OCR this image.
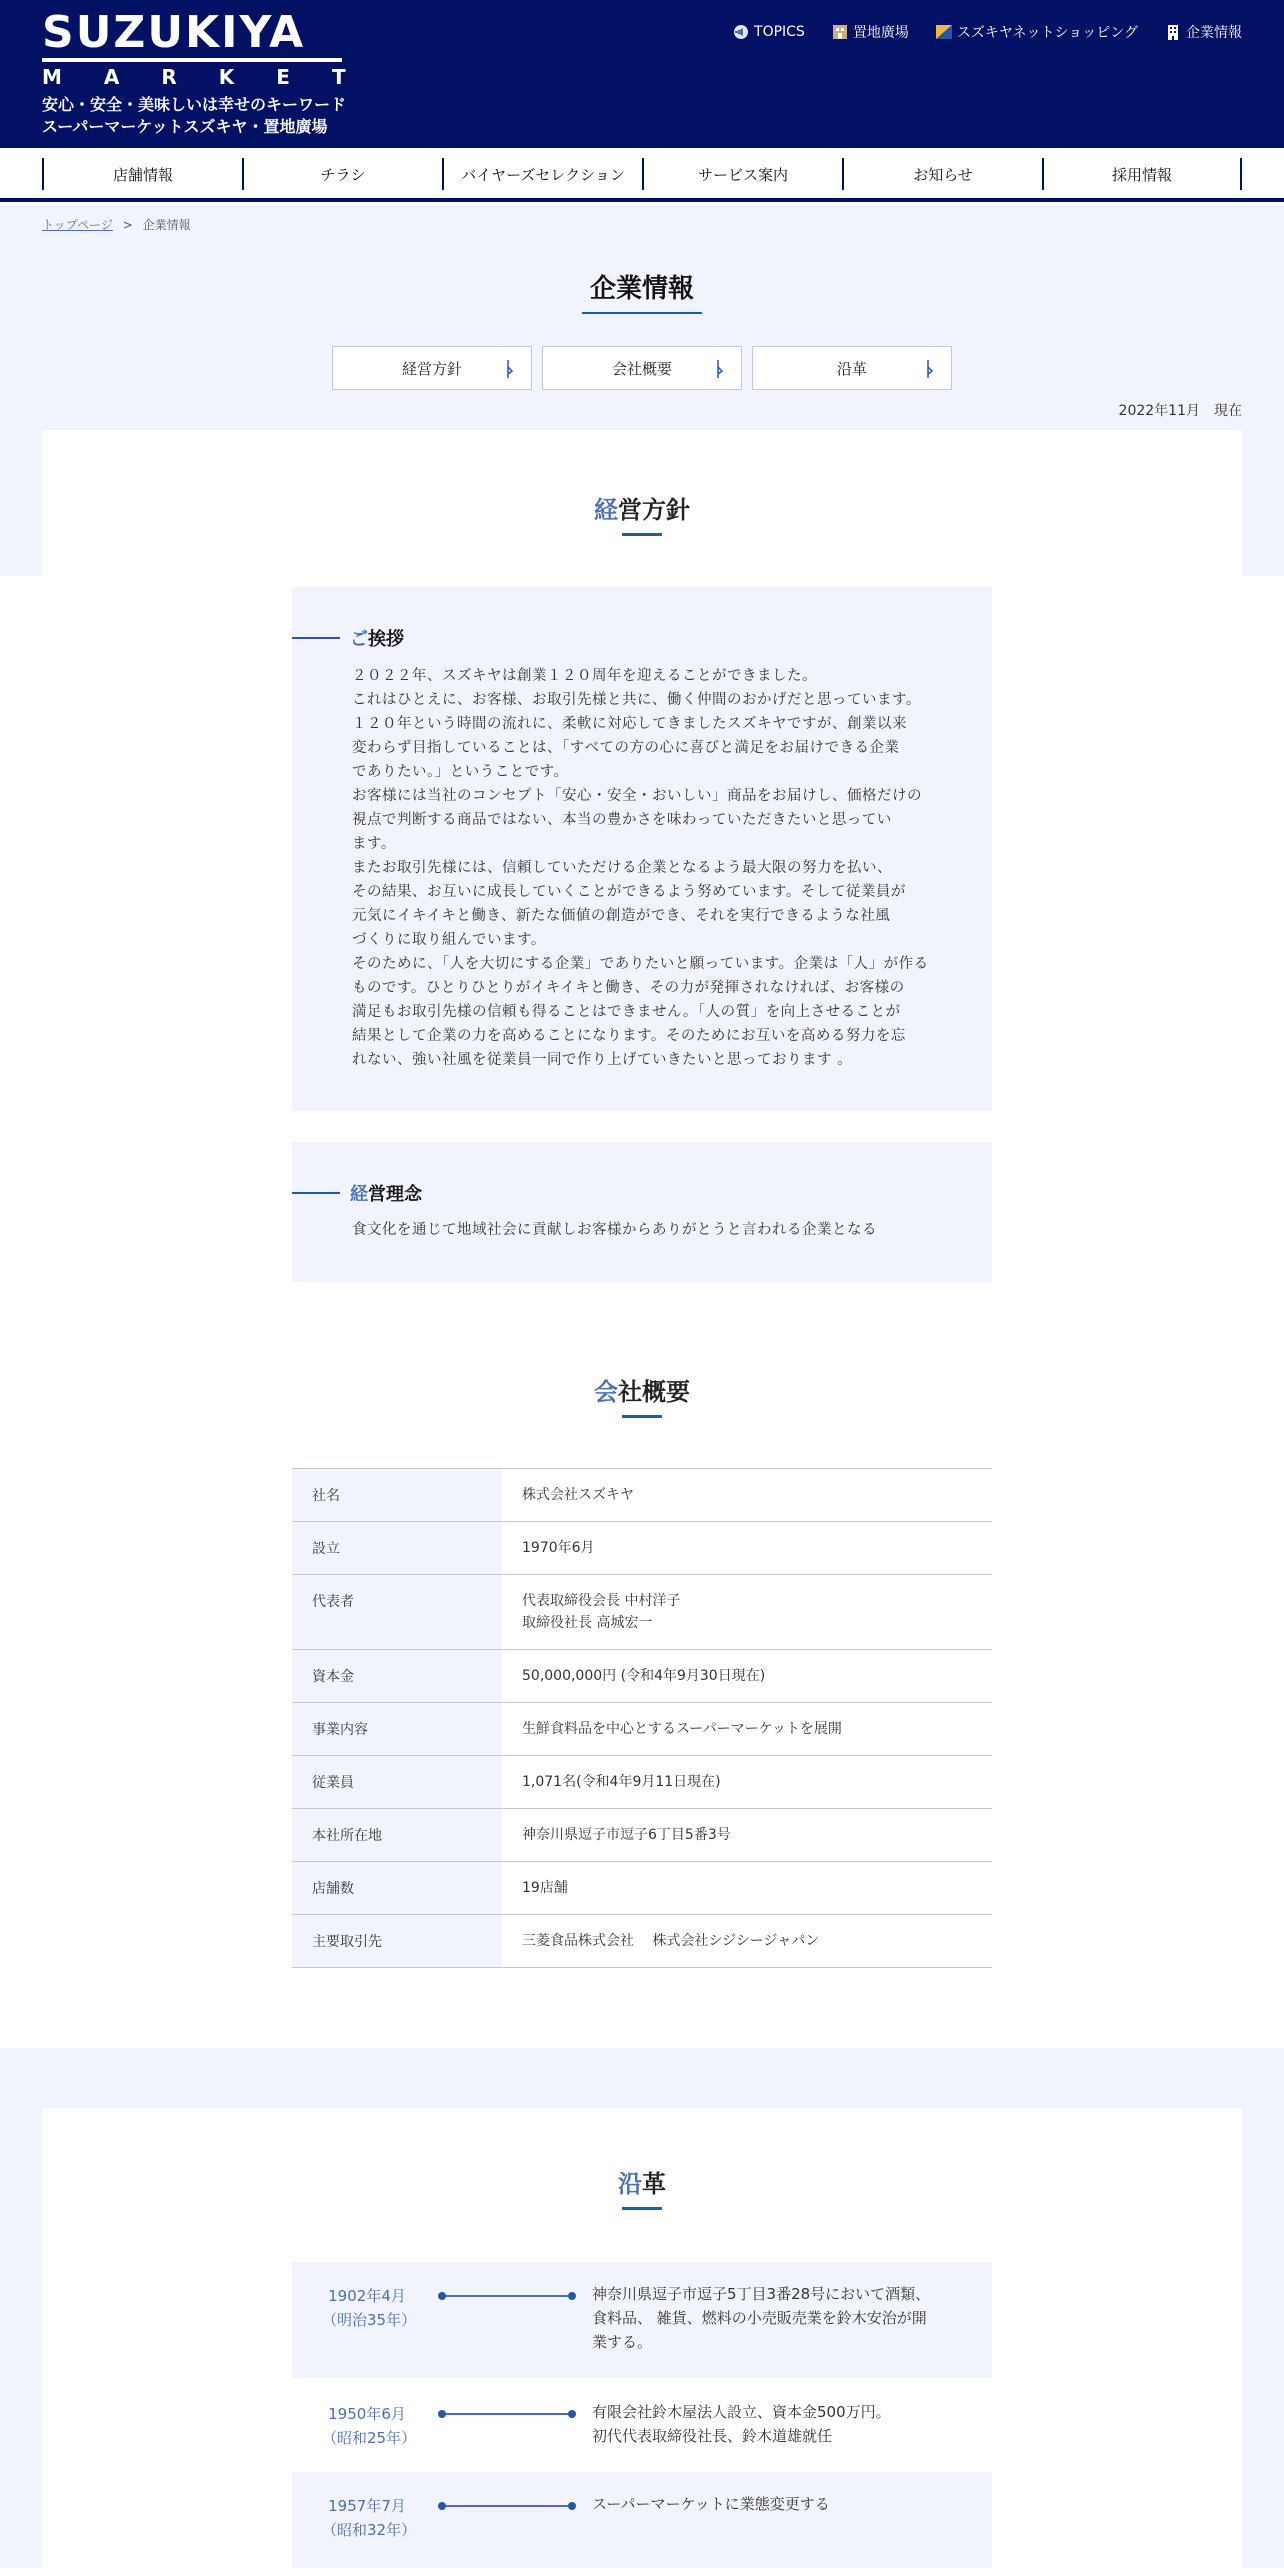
SUZUKIYA
MARKET
安心・安全・美味しいは幸せのキーワード
スーパーマーケットスズキヤ・置地廣場
TOPICS	置地廣場	スズキヤネットショッピング	企業情報
店舗情報	チラシ	バイヤーズセレクション	サービス案内	お知らせ	採用情報
トップページ > 企業情報
企業情報
経営方針	会社概要	沿革
2022年11月　現在
経営方針
ご 挨拶
２０２２年、スズキヤは創業１２０周年を迎えることができました。
これはひとえに、お客様、お取引先様と共に、働く仲間のおかげだと思っています。
１２０年という時間の流れに、柔軟に対応してきましたスズキヤですが、創業以来
変わらず目指していることは、「すべての方の心に喜びと満足をお届けできる企業
でありたい。」ということです。
お客様には当社のコンセプト「安心・安全・おいしい」商品をお届けし、価格だけの
視点で判断する商品ではない、本当の豊かさを味わっていただきたいと思ってい
ます。
またお取引先様には、信頼していただける企業となるよう最大限の努力を払い、
その結果、お互いに成長していくことができるよう努めています。そして従業員が
元気にイキイキと働き、新たな価値の創造ができ、それを実行できるような社風
づくりに取り組んでいます。
そのために、「人を大切にする企業」でありたいと願っています。企業は「人」が作る
ものです。ひとりひとりがイキイキと働き、その力が発揮されなければ、お客様の
満足もお取引先様の信頼も得ることはできません。「人の質」を向上させることが
結果として企業の力を高めることになります。そのためにお互いを高める努力を忘
れない、強い社風を従業員一同で作り上げていきたいと思っております 。
経 営理念
食文化を通じて地域社会に貢献しお客様からありがとうと言われる企業となる
会社概要
社名	株式会社スズキヤ
設立	1970年6月
代表者	代表取締役会長 中村洋子
取締役社長 高城宏一

資本金	50,000,000円 (令和4年9月30日現在)
事業内容	生鮮食料品を中心とするスーパーマーケットを展開
従業員	1,071名(令和4年9月11日現在)
本社所在地	神奈川県逗子市逗子6丁目5番3号
店舗数	19店舗
主要取引先	三菱食品株式会社　 株式会社シジシージャパン
沿革
1902年4月
（明治35年）
神奈川県逗子市逗子5丁目3番28号において酒類、
食料品、 雑貨、燃料の小売販売業を鈴木安治が開
業する。
1950年6月
（昭和25年）
有限会社鈴木屋法人設立、資本金500万円。
初代代表取締役社長、鈴木道雄就任
1957年7月
（昭和32年）
スーパーマーケットに業態変更する
